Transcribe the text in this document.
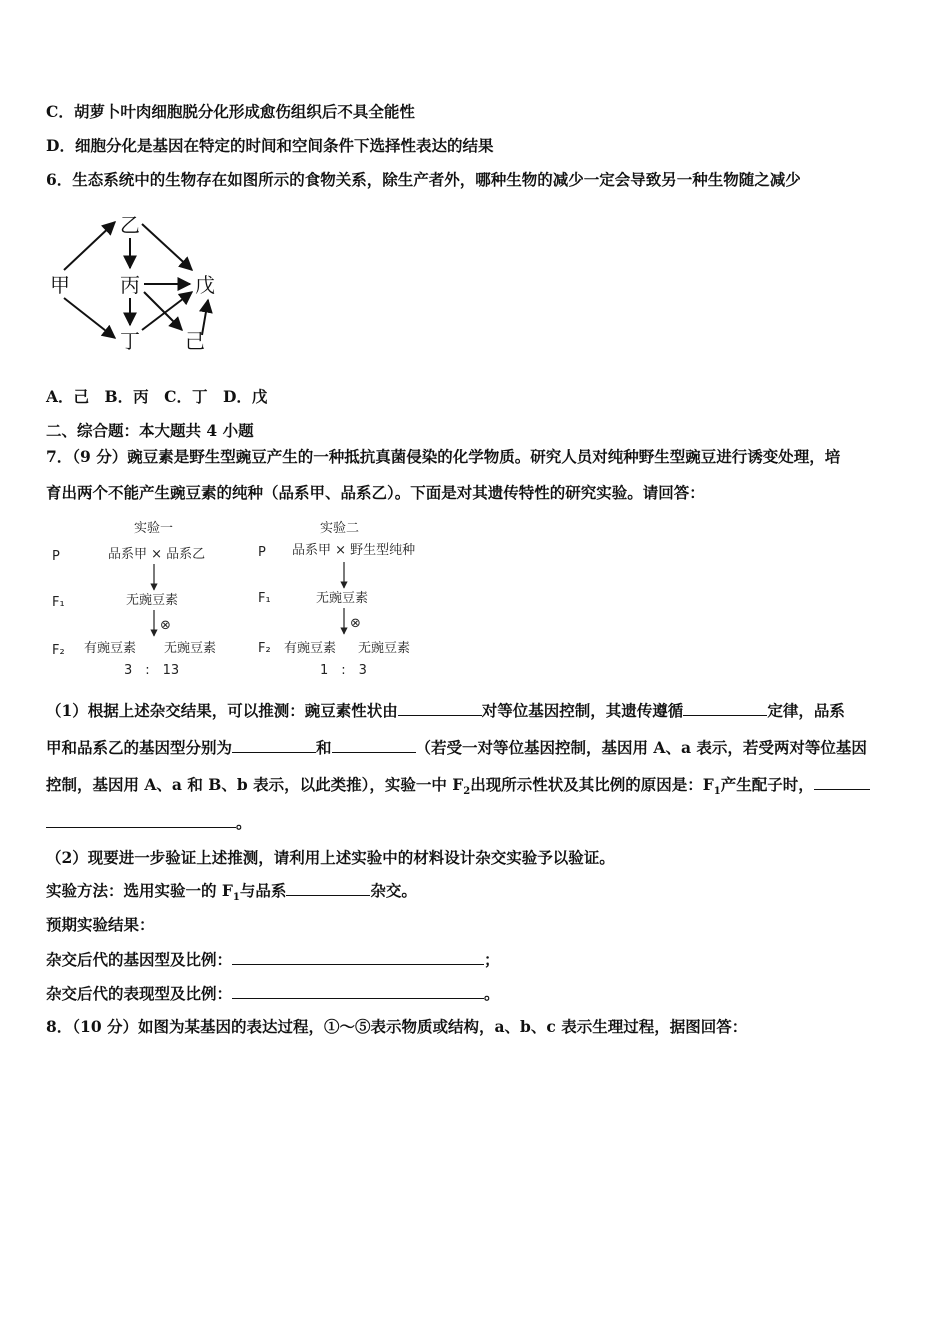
C．胡萝卜叶肉细胞脱分化形成愈伤组织后不具全能性
D．细胞分化是基因在特定的时间和空间条件下选择性表达的结果
6．生态系统中的生物存在如图所示的食物关系，除生产者外，哪种生物的减少一定会导致另一种生物随之减少
甲
乙
丙
丁
戊
己
A．己　B．丙　C．丁　D．戊
二、综合题：本大题共 4 小题
7．（9 分）豌豆素是野生型豌豆产生的一种抵抗真菌侵染的化学物质。研究人员对纯种野生型豌豆进行诱变处理，培
育出两个不能产生豌豆素的纯种（品系甲、品系乙）。下面是对其遗传特性的研究实验。请回答：
实验一
P	品系甲 × 品系乙
F₁	无豌豆素
⊗
F₂ 有豌豆素 无豌豆素
3　:　13
实验二
P 品系甲 × 野生型纯种
F₁	无豌豆素
⊗
F₂ 有豌豆素 无豌豆素
1　:　3
（1）根据上述杂交结果，可以推测：豌豆素性状由	对等位基因控制，其遗传遵循	定律，品系
甲和品系乙的基因型分别为	和	（若受一对等位基因控制，基因用 A、a 表示，若受两对等位基因
控制，基因用 A、a 和 B、b 表示，以此类推），实验一中 $F_2$出现所示性状及其比例的原因是：$F_1$产生配子时，
。
（2）现要进一步验证上述推测，请利用上述实验中的材料设计杂交实验予以验证。
实验方法：选用实验一的 $F_1$与品系	杂交。
预期实验结果：
杂交后代的基因型及比例：	；
杂交后代的表现型及比例：	。
8．（10 分）如图为某基因的表达过程，①～⑤表示物质或结构，a、b、c 表示生理过程，据图回答：
